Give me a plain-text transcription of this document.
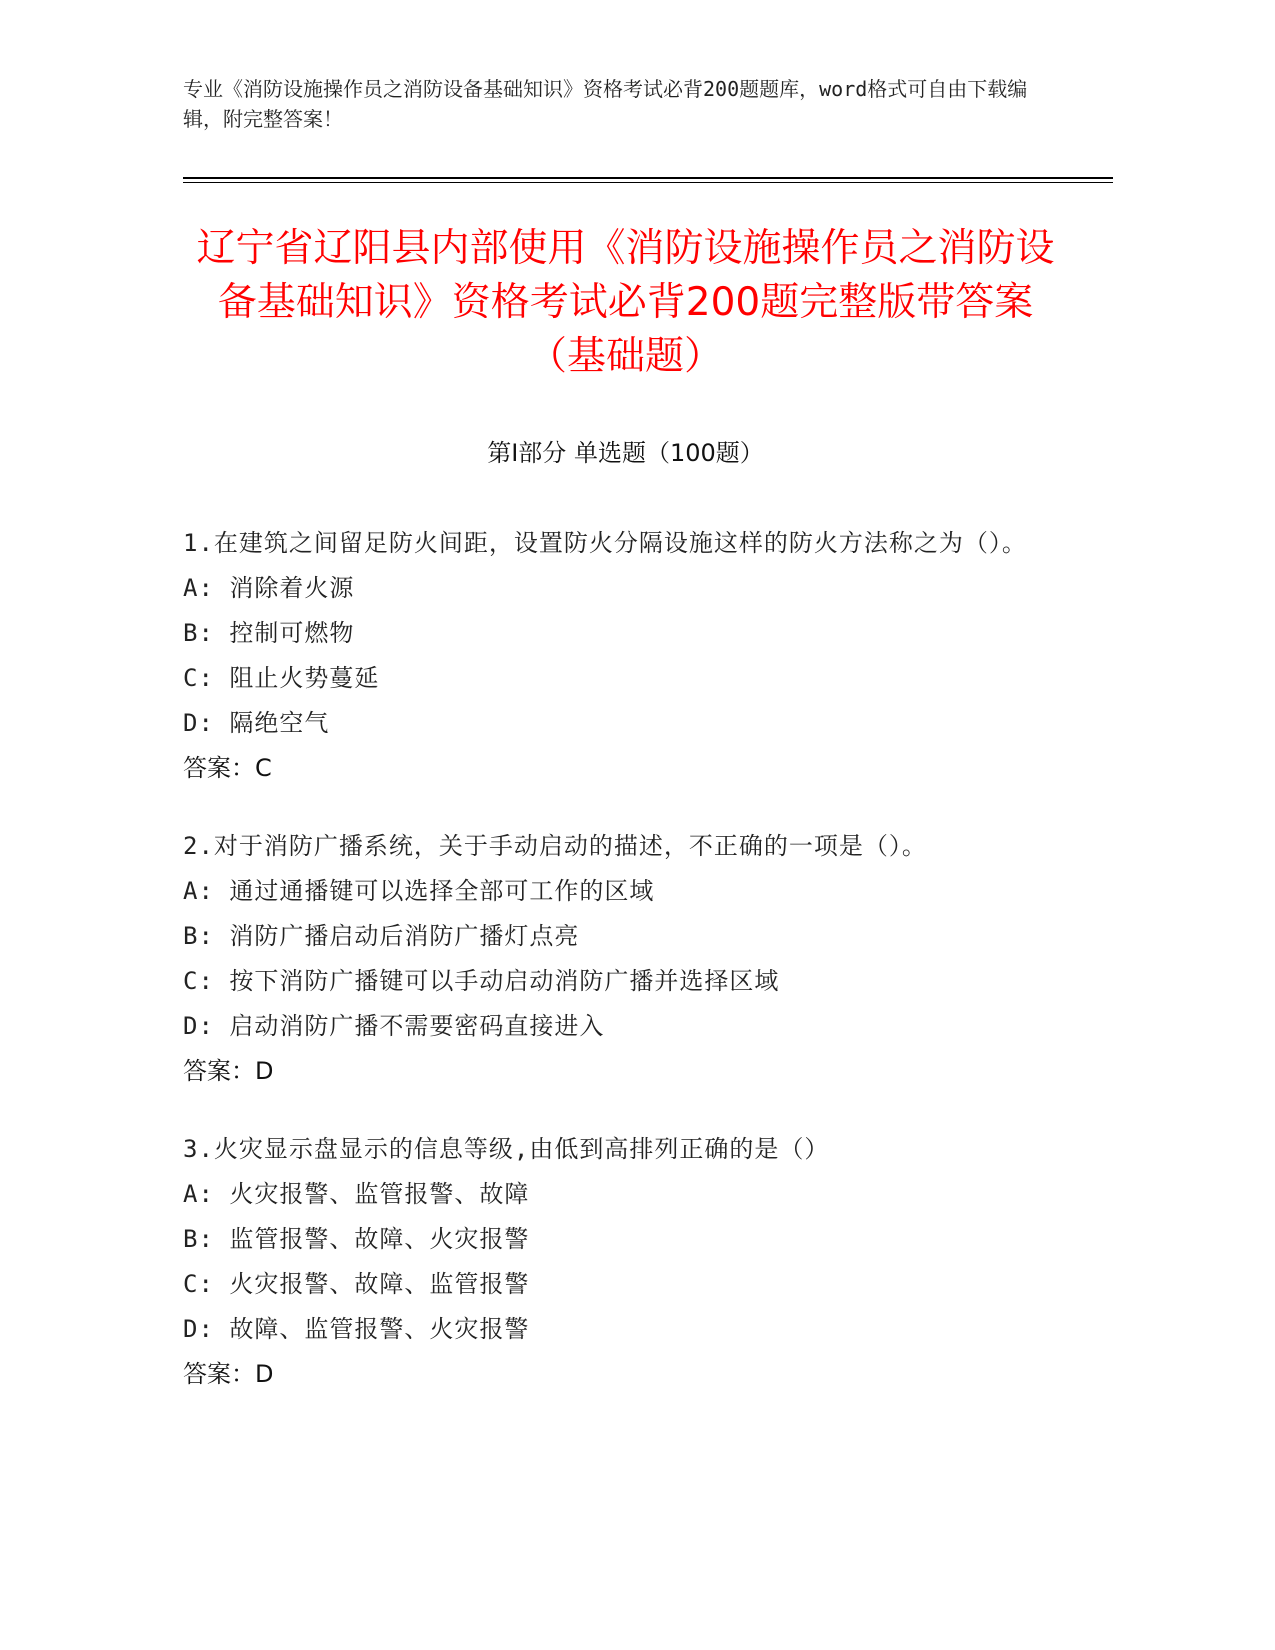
专业《消防设施操作员之消防设备基础知识》资格考试必背200题题库，word格式可自由下载编辑，附完整答案！
辽宁省辽阳县内部使用《消防设施操作员之消防设备基础知识》资格考试必背200题完整版带答案（基础题）
第Ⅰ部分 单选题（100题）

1.在建筑之间留足防火间距，设置防火分隔设施这样的防火方法称之为（）。

A: 消除着火源

B: 控制可燃物

C: 阻止火势蔓延

D: 隔绝空气

答案：C

2.对于消防广播系统，关于手动启动的描述，不正确的一项是（）。

A: 通过通播键可以选择全部可工作的区域

B: 消防广播启动后消防广播灯点亮

C: 按下消防广播键可以手动启动消防广播并选择区域

D: 启动消防广播不需要密码直接进入

答案：D

3.火灾显示盘显示的信息等级,由低到高排列正确的是（）

A: 火灾报警、监管报警、故障

B: 监管报警、故障、火灾报警

C: 火灾报警、故障、监管报警

D: 故障、监管报警、火灾报警

答案：D
